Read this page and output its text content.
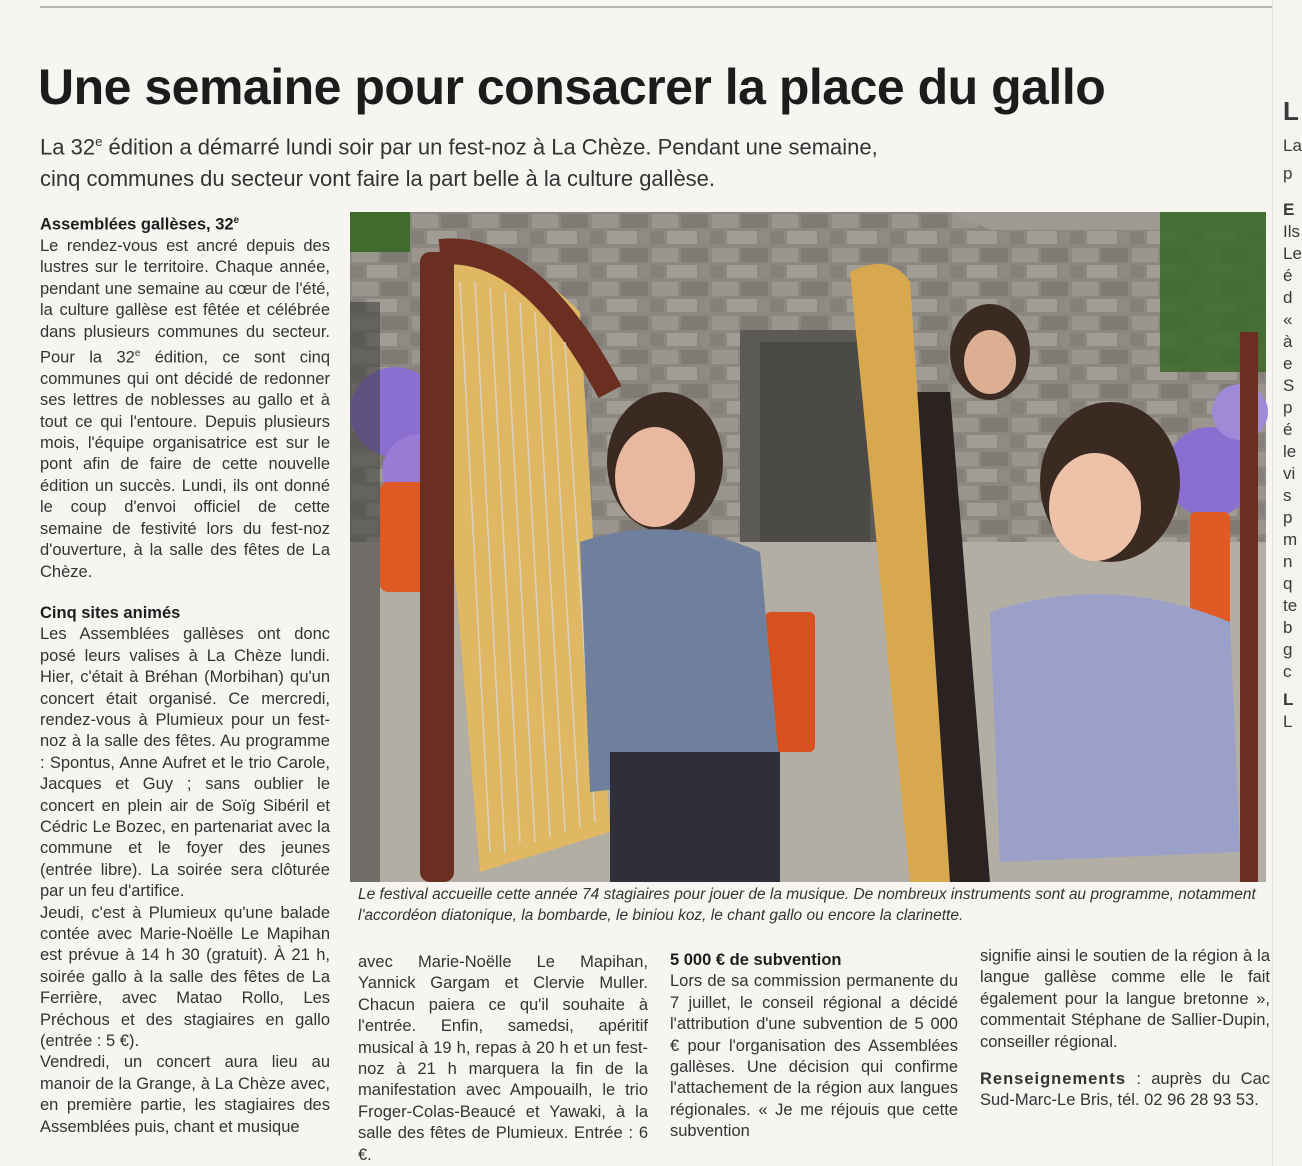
L
La
p
E
Ils
Le
é
d
«
à
e
S
p
é
le
vi
s
p
m
n
q
te
b
g
c
L
L
Une semaine pour consacrer la place du gallo

La 32e édition a démarré lundi soir par un fest-noz à La Chèze. Pendant une semaine,

cinq communes du secteur vont faire la part belle à la culture gallèse.

Assemblées gallèses, 32e

Le rendez-vous est ancré depuis des lustres sur le territoire. Chaque année, pendant une semaine au cœur de l'été, la culture gallèse est fêtée et célébrée dans plusieurs communes du secteur. Pour la 32e édition, ce sont cinq communes qui ont décidé de redonner ses lettres de noblesses au gallo et à tout ce qui l'entoure. Depuis plusieurs mois, l'équipe organisatrice est sur le pont afin de faire de cette nouvelle édition un succès. Lundi, ils ont donné le coup d'envoi officiel de cette semaine de festivité lors du fest-noz d'ouverture, à la salle des fêtes de La Chèze.

Cinq sites animés

Les Assemblées gallèses ont donc posé leurs valises à La Chèze lundi. Hier, c'était à Bréhan (Morbihan) qu'un concert était organisé. Ce mercredi, rendez-vous à Plumieux pour un fest-noz à la salle des fêtes. Au programme : Spontus, Anne Aufret et le trio Carole, Jacques et Guy ; sans oublier le concert en plein air de Soïg Sibéril et Cédric Le Bozec, en partenariat avec la commune et le foyer des jeunes (entrée libre). La soirée sera clôturée par un feu d'artifice.

Jeudi, c'est à Plumieux qu'une balade contée avec Marie-Noëlle Le Mapihan est prévue à 14 h 30 (gratuit). À 21 h, soirée gallo à la salle des fêtes de La Ferrière, avec Matao Rollo, Les Préchous et des stagiaires en gallo (entrée : 5 €).

Vendredi, un concert aura lieu au manoir de la Grange, à La Chèze avec, en première partie, les stagiaires des Assemblées puis, chant et musique

Le festival accueille cette année 74 stagiaires pour jouer de la musique. De nombreux instruments sont au programme, notamment l'accordéon diatonique, la bombarde, le biniou koz, le chant gallo ou encore la clarinette.

avec Marie-Noëlle Le Mapihan, Yannick Gargam et Clervie Muller. Chacun paiera ce qu'il souhaite à l'entrée. Enfin, samedsi, apéritif musical à 19 h, repas à 20 h et un fest-noz à 21 h marquera la fin de la manifestation avec Ampouailh, le trio Froger-Colas-Beaucé et Yawaki, à la salle des fêtes de Plumieux. Entrée : 6 €.

5 000 € de subvention

Lors de sa commission permanente du 7 juillet, le conseil régional a décidé l'attribution d'une subvention de 5 000 € pour l'organisation des Assemblées gallèses. Une décision qui confirme l'attachement de la région aux langues régionales. « Je me réjouis que cette subvention

signifie ainsi le soutien de la région à la langue gallèse comme elle le fait également pour la langue bretonne », commentait Stéphane de Sallier-Dupin, conseiller régional.

Renseignements : auprès du Cac Sud-Marc-Le Bris, tél. 02 96 28 93 53.
